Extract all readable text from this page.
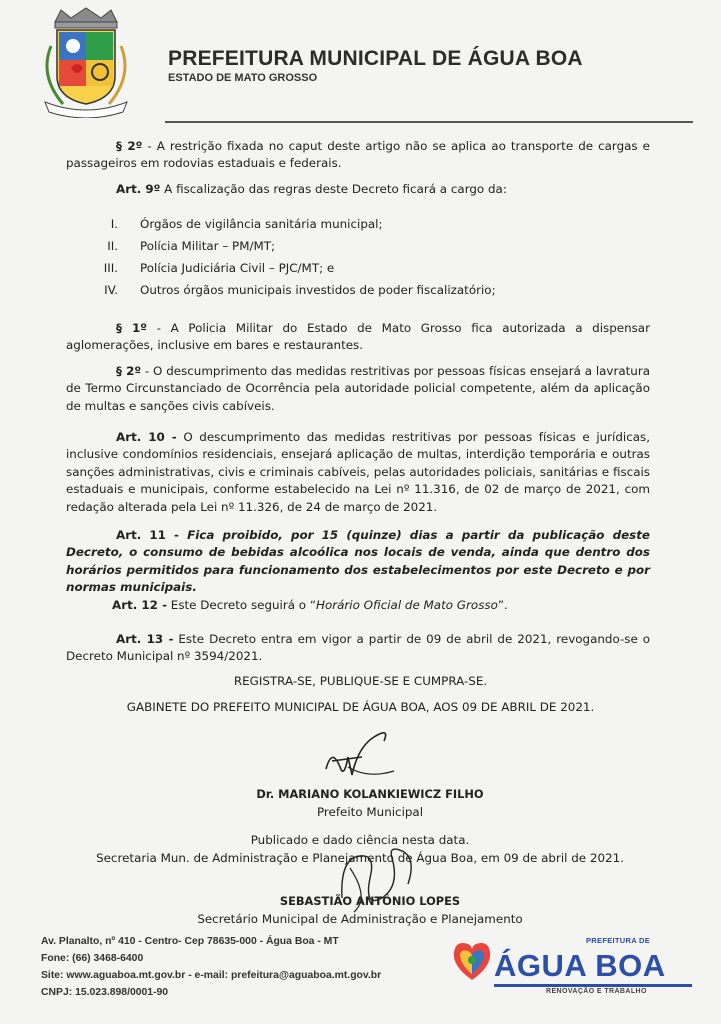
PREFEITURA MUNICIPAL DE ÁGUA BOA
ESTADO DE MATO GROSSO
§ 2º - A restrição fixada no caput deste artigo não se aplica ao transporte de cargas e passageiros em rodovias estaduais e federais.
Art. 9º A fiscalização das regras deste Decreto ficará a cargo da:
I. Órgãos de vigilância sanitária municipal;
II. Polícia Militar – PM/MT;
III. Polícia Judiciária Civil – PJC/MT; e
IV. Outros órgãos municipais investidos de poder fiscalizatório;
§ 1º - A Policia Militar do Estado de Mato Grosso fica autorizada a dispensar aglomerações, inclusive em bares e restaurantes.
§ 2º - O descumprimento das medidas restritivas por pessoas físicas ensejará a lavratura de Termo Circunstanciado de Ocorrência pela autoridade policial competente, além da aplicação de multas e sanções civis cabíveis.
Art. 10 - O descumprimento das medidas restritivas por pessoas físicas e jurídicas, inclusive condomínios residenciais, ensejará aplicação de multas, interdição temporária e outras sanções administrativas, civis e criminais cabíveis, pelas autoridades policiais, sanitárias e fiscais estaduais e municipais, conforme estabelecido na Lei nº 11.316, de 02 de março de 2021, com redação alterada pela Lei nº 11.326, de 24 de março de 2021.
Art. 11 - Fica proibido, por 15 (quinze) dias a partir da publicação deste Decreto, o consumo de bebidas alcoólica nos locais de venda, ainda que dentro dos horários permitidos para funcionamento dos estabelecimentos por este Decreto e por normas municipais.
Art. 12 - Este Decreto seguirá o “Horário Oficial de Mato Grosso”.
Art. 13 - Este Decreto entra em vigor a partir de 09 de abril de 2021, revogando-se o Decreto Municipal nº 3594/2021.
REGISTRA-SE, PUBLIQUE-SE E CUMPRA-SE.
GABINETE DO PREFEITO MUNICIPAL DE ÁGUA BOA, AOS 09 DE ABRIL DE 2021.
Dr. MARIANO KOLANKIEWICZ FILHO
Prefeito Municipal
Publicado e dado ciência nesta data.
Secretaria Mun. de Administração e Planejamento de Água Boa, em 09 de abril de 2021.
SEBASTIÃO ANTÔNIO LOPES
Secretário Municipal de Administração e Planejamento
Av. Planalto, nº 410 - Centro- Cep 78635-000 - Água Boa - MT
Fone: (66) 3468-6400
Site: www.aguaboa.mt.gov.br - e-mail: prefeitura@aguaboa.mt.gov.br
CNPJ: 15.023.898/0001-90
PREFEITURA DE
ÁGUA BOA
RENOVAÇÃO E TRABALHO
